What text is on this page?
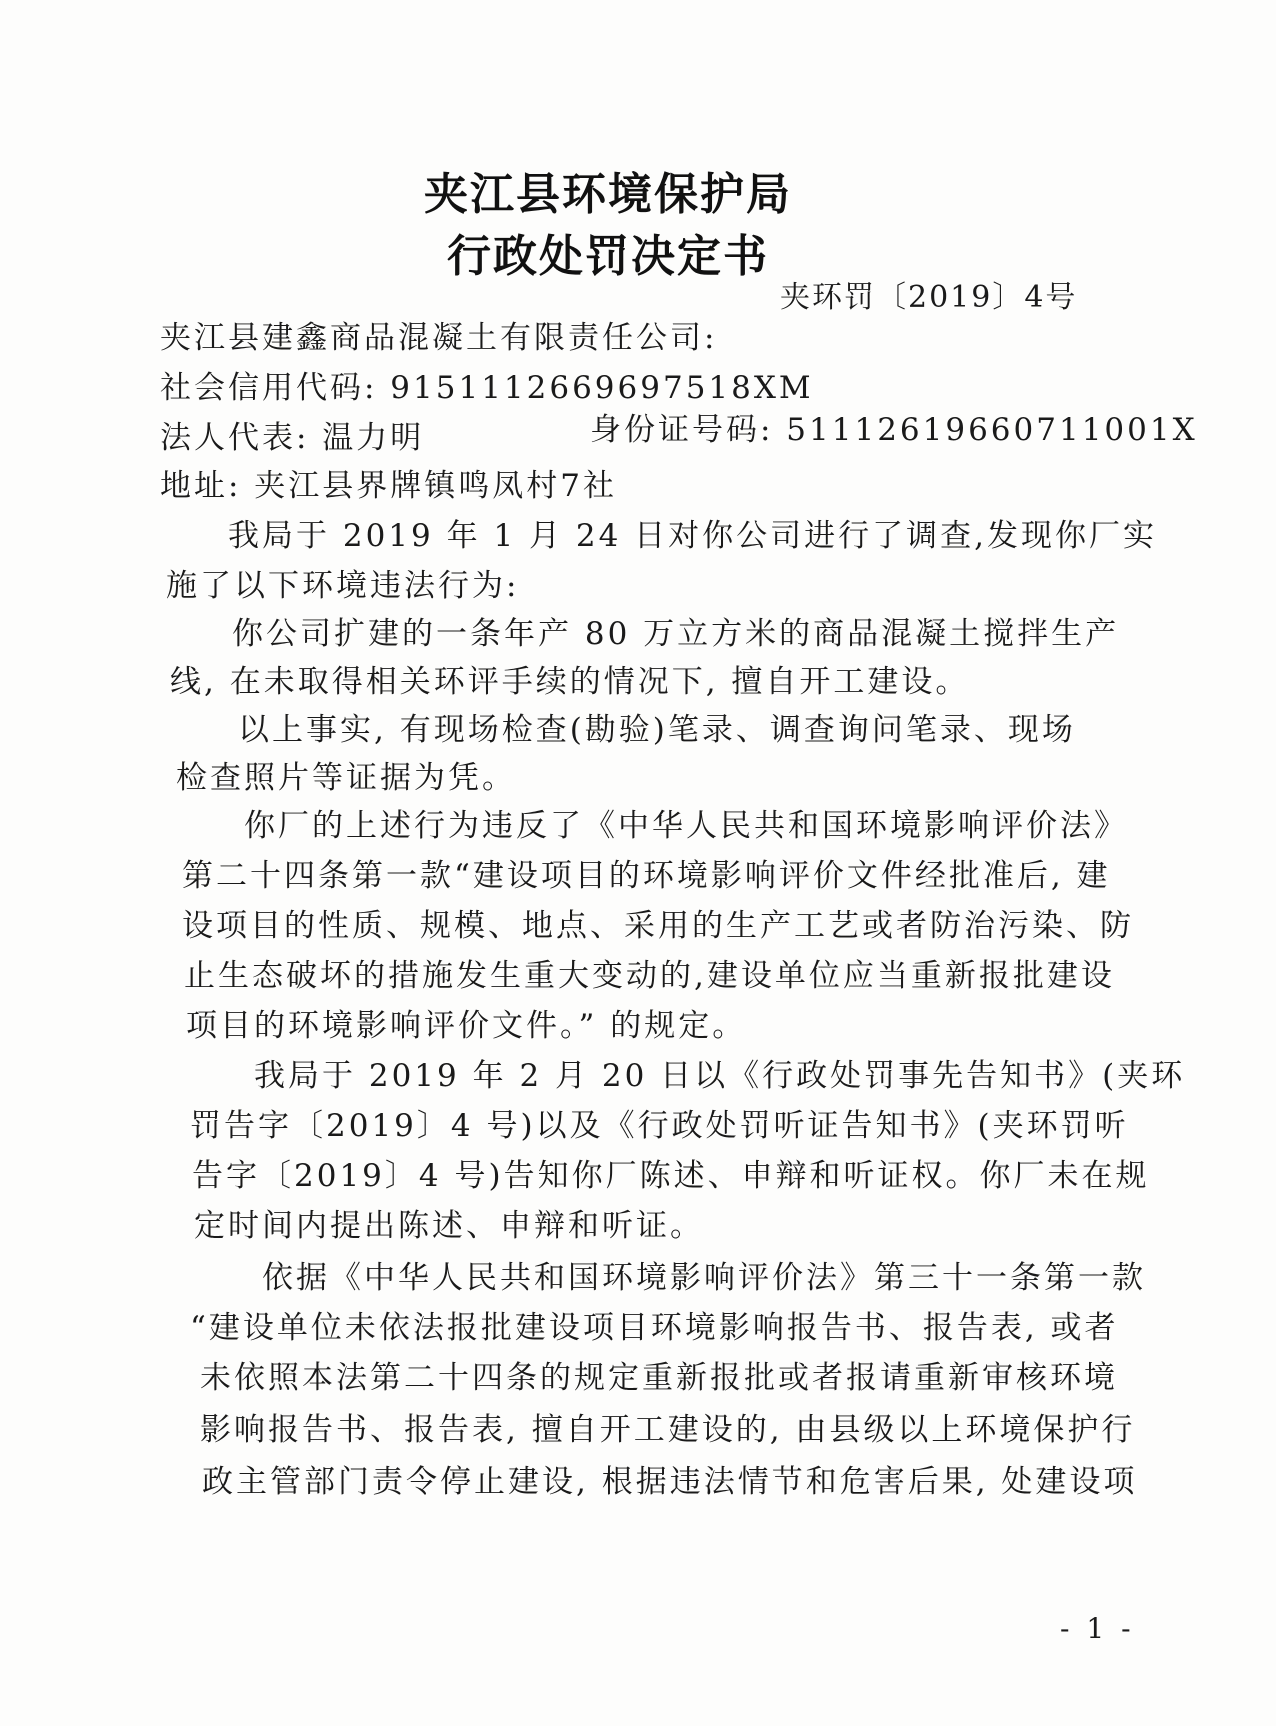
夹江县环境保护局
行政处罚决定书
夹环罚〔2019〕4号
夹江县建鑫商品混凝土有限责任公司:
社会信用代码: 915111266969​7518XM
法人代表: 温力明	身份证号码: 511126196607110​01X
地址: 夹江县界牌镇鸣凤村7社
我局于 2019 年 1 月 24 日对你公司进行了调查,发现你厂实
施了以下环境违法行为:
你公司扩建的一条年产 80 万立方米的商品混凝土搅拌生产
线, 在未取得相关环评手续的情况下, 擅自开工建设。
以上事实, 有现场检查(勘验)笔录、调查询问笔录、现场
检查照片等证据为凭。
你厂的上述行为违反了《中华人民共和国环境影响评价法》
第二十四条第一款“建设项目的环境影响评价文件经批准后, 建
设项目的性质、规模、地点、采用的生产工艺或者防治污染、防
止生态破坏的措施发生重大变动的,建设单位应当重新报批建设
项目的环境影响评价文件。” 的规定。
我局于 2019 年 2 月 20 日以《行政处罚事先告知书》(夹环
罚告字〔2019〕4 号)以及《行政处罚听证告知书》(夹环罚听
告字〔2019〕4 号)告知你厂陈述、申辩和听证权。你厂未在规
定时间内提出陈述、申辩和听证。
依据《中华人民共和国环境影响评价法》第三十一条第一款
“建设单位未依法报批建设项目环境影响报告书、报告表, 或者
未依照本法第二十四条的规定重新报批或者报请重新审核环境
影响报告书、报告表, 擅自开工建设的, 由县级以上环境保护行
政主管部门责令停止建设, 根据违法情节和危害后果, 处建设项
- 1 -
